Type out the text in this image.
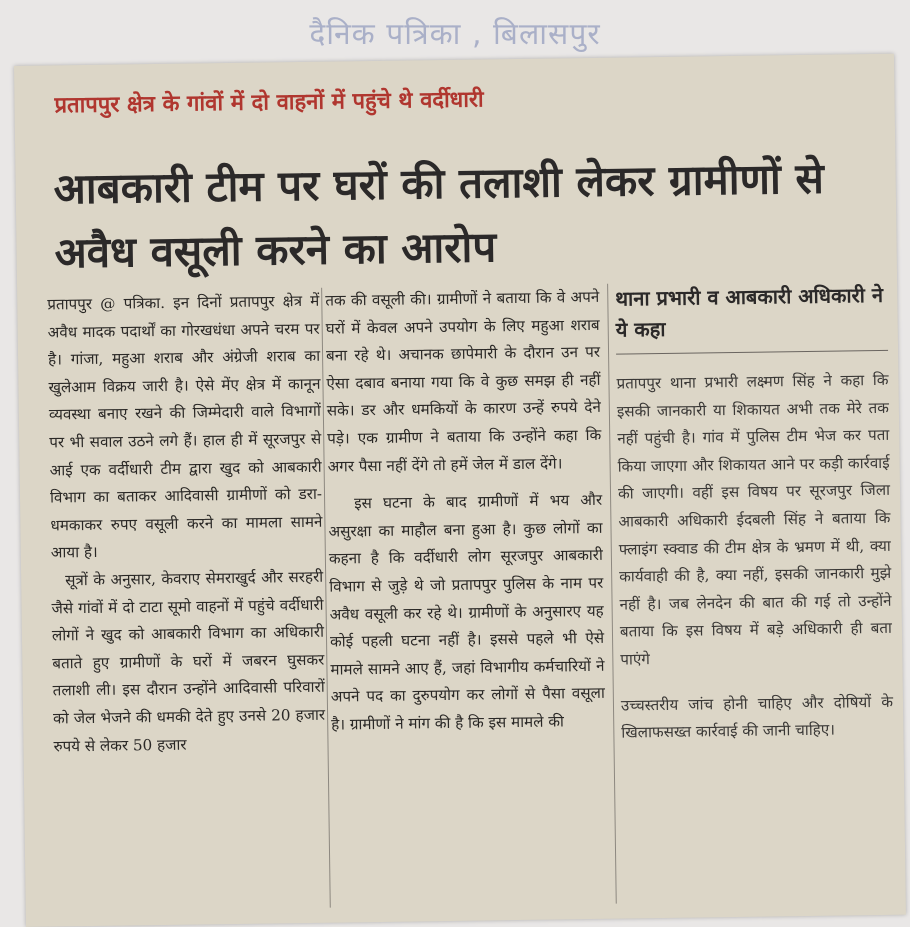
दैनिक पत्रिका , बिलासपुर
प्रतापपुर क्षेत्र के गांवों में दो वाहनों में पहुंचे थे वर्दीधारी
आबकारी टीम पर घरों की तलाशी लेकर ग्रामीणों से अवैध वसूली करने का आरोप

प्रतापपुर @ पत्रिका. इन दिनों प्रतापपुर क्षेत्र में अवैध मादक पदार्थों का गोरखधंधा अपने चरम पर है। गांजा, महुआ शराब और अंग्रेजी शराब का खुलेआम विक्रय जारी है। ऐसे मेंए क्षेत्र में कानून व्यवस्था बनाए रखने की जिम्मेदारी वाले विभागों पर भी सवाल उठने लगे हैं। हाल ही में सूरजपुर से आई एक वर्दीधारी टीम द्वारा खुद को आबकारी विभाग का बताकर आदिवासी ग्रामीणों को डरा-धमकाकर रुपए वसूली करने का मामला सामने आया है।

सूत्रों के अनुसार, केवराए सेमराखुर्द और सरहरी जैसे गांवों में दो टाटा सूमो वाहनों में पहुंचे वर्दीधारी लोगों ने खुद को आबकारी विभाग का अधिकारी बताते हुए ग्रामीणों के घरों में जबरन घुसकर तलाशी ली। इस दौरान उन्होंने आदिवासी परिवारों को जेल भेजने की धमकी देते हुए उनसे 20 हजार रुपये से लेकर 50 हजार

तक की वसूली की। ग्रामीणों ने बताया कि वे अपने घरों में केवल अपने उपयोग के लिए महुआ शराब बना रहे थे। अचानक छापेमारी के दौरान उन पर ऐसा दबाव बनाया गया कि वे कुछ समझ ही नहीं सके। डर और धमकियों के कारण उन्हें रुपये देने पड़े। एक ग्रामीण ने बताया कि उन्होंने कहा कि अगर पैसा नहीं देंगे तो हमें जेल में डाल देंगे।

इस घटना के बाद ग्रामीणों में भय और असुरक्षा का माहौल बना हुआ है। कुछ लोगों का कहना है कि वर्दीधारी लोग सूरजपुर आबकारी विभाग से जुड़े थे जो प्रतापपुर पुलिस के नाम पर अवैध वसूली कर रहे थे। ग्रामीणों के अनुसारए यह कोई पहली घटना नहीं है। इससे पहले भी ऐसे मामले सामने आए हैं, जहां विभागीय कर्मचारियों ने अपने पद का दुरुपयोग कर लोगों से पैसा वसूला है। ग्रामीणों ने मांग की है कि इस मामले की

थाना प्रभारी व आबकारी अधिकारी ने ये कहा

प्रतापपुर थाना प्रभारी लक्ष्मण सिंह ने कहा कि इसकी जानकारी या शिकायत अभी तक मेरे तक नहीं पहुंची है। गांव में पुलिस टीम भेज कर पता किया जाएगा और शिकायत आने पर कड़ी कार्रवाई की जाएगी। वहीं इस विषय पर सूरजपुर जिला आबकारी अधिकारी ईदबली सिंह ने बताया कि फ्लाइंग स्क्वाड की टीम क्षेत्र के भ्रमण में थी, क्या कार्यवाही की है, क्या नहीं, इसकी जानकारी मुझे नहीं है। जब लेनदेन की बात की गई तो उन्होंने बताया कि इस विषय में बड़े अधिकारी ही बता पाएंगे

उच्चस्तरीय जांच होनी चाहिए और दोषियों के खिलाफसख्त कार्रवाई की जानी चाहिए।
